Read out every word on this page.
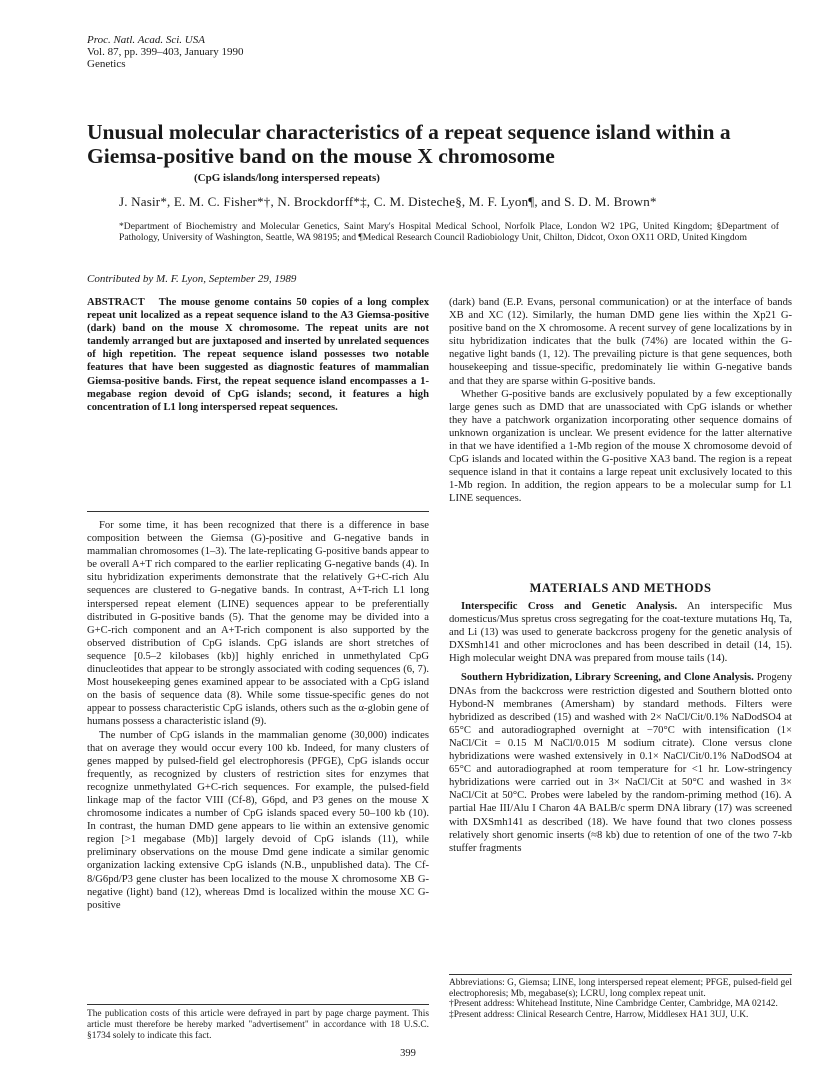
Proc. Natl. Acad. Sci. USA
Vol. 87, pp. 399–403, January 1990
Genetics
Unusual molecular characteristics of a repeat sequence island within a Giemsa-positive band on the mouse X chromosome
(CpG islands/long interspersed repeats)
J. Nasir*, E. M. C. Fisher*†, N. Brockdorff*‡, C. M. Disteche§, M. F. Lyon¶, and S. D. M. Brown*
*Department of Biochemistry and Molecular Genetics, Saint Mary's Hospital Medical School, Norfolk Place, London W2 1PG, United Kingdom; §Department of Pathology, University of Washington, Seattle, WA 98195; and ¶Medical Research Council Radiobiology Unit, Chilton, Didcot, Oxon OX11 ORD, United Kingdom
Contributed by M. F. Lyon, September 29, 1989

ABSTRACT The mouse genome contains 50 copies of a long complex repeat unit localized as a repeat sequence island to the A3 Giemsa-positive (dark) band on the mouse X chromosome. The repeat units are not tandemly arranged but are juxtaposed and inserted by unrelated sequences of high repetition. The repeat sequence island possesses two notable features that have been suggested as diagnostic features of mammalian Giemsa-positive bands. First, the repeat sequence island encompasses a 1-megabase region devoid of CpG islands; second, it features a high concentration of L1 long interspersed repeat sequences.

For some time, it has been recognized that there is a difference in base composition between the Giemsa (G)-positive and G-negative bands in mammalian chromosomes (1–3). The late-replicating G-positive bands appear to be overall A+T rich compared to the earlier replicating G-negative bands (4). In situ hybridization experiments demonstrate that the relatively G+C-rich Alu sequences are clustered to G-negative bands. In contrast, A+T-rich L1 long interspersed repeat element (LINE) sequences appear to be preferentially distributed in G-positive bands (5). That the genome may be divided into a G+C-rich component and an A+T-rich component is also supported by the observed distribution of CpG islands. CpG islands are short stretches of sequence [0.5–2 kilobases (kb)] highly enriched in unmethylated CpG dinucleotides that appear to be strongly associated with coding sequences (6, 7). Most housekeeping genes examined appear to be associated with a CpG island on the basis of sequence data (8). While some tissue-specific genes do not appear to possess characteristic CpG islands, others such as the α-globin gene of humans possess a characteristic island (9).

The number of CpG islands in the mammalian genome (30,000) indicates that on average they would occur every 100 kb. Indeed, for many clusters of genes mapped by pulsed-field gel electrophoresis (PFGE), CpG islands occur frequently, as recognized by clusters of restriction sites for enzymes that recognize unmethylated G+C-rich sequences. For example, the pulsed-field linkage map of the factor VIII (Cf-8), G6pd, and P3 genes on the mouse X chromosome indicates a number of CpG islands spaced every 50–100 kb (10). In contrast, the human DMD gene appears to lie within an extensive genomic region [>1 megabase (Mb)] largely devoid of CpG islands (11), while preliminary observations on the mouse Dmd gene indicate a similar genomic organization lacking extensive CpG islands (N.B., unpublished data). The Cf-8/G6pd/P3 gene cluster has been localized to the mouse X chromosome XB G-negative (light) band (12), whereas Dmd is localized within the mouse XC G-positive

(dark) band (E.P. Evans, personal communication) or at the interface of bands XB and XC (12). Similarly, the human DMD gene lies within the Xp21 G-positive band on the X chromosome. A recent survey of gene localizations by in situ hybridization indicates that the bulk (74%) are located within the G-negative light bands (1, 12). The prevailing picture is that gene sequences, both housekeeping and tissue-specific, predominately lie within G-negative bands and that they are sparse within G-positive bands.

Whether G-positive bands are exclusively populated by a few exceptionally large genes such as DMD that are unassociated with CpG islands or whether they have a patchwork organization incorporating other sequence domains of unknown organization is unclear. We present evidence for the latter alternative in that we have identified a 1-Mb region of the mouse X chromosome devoid of CpG islands and located within the G-positive XA3 band. The region is a repeat sequence island in that it contains a large repeat unit exclusively located to this 1-Mb region. In addition, the region appears to be a molecular sump for L1 LINE sequences.

MATERIALS AND METHODS

Interspecific Cross and Genetic Analysis. An interspecific Mus domesticus/Mus spretus cross segregating for the coat-texture mutations Hq, Ta, and Li (13) was used to generate backcross progeny for the genetic analysis of DXSmh141 and other microclones and has been described in detail (14, 15). High molecular weight DNA was prepared from mouse tails (14).

Southern Hybridization, Library Screening, and Clone Analysis. Progeny DNAs from the backcross were restriction digested and Southern blotted onto Hybond-N membranes (Amersham) by standard methods. Filters were hybridized as described (15) and washed with 2× NaCl/Cit/0.1% NaDodSO4 at 65°C and autoradiographed overnight at −70°C with intensification (1× NaCl/Cit = 0.15 M NaCl/0.015 M sodium citrate). Clone versus clone hybridizations were washed extensively in 0.1× NaCl/Cit/0.1% NaDodSO4 at 65°C and autoradiographed at room temperature for <1 hr. Low-stringency hybridizations were carried out in 3× NaCl/Cit at 50°C and washed in 3× NaCl/Cit at 50°C. Probes were labeled by the random-priming method (16). A partial Hae III/Alu I Charon 4A BALB/c sperm DNA library (17) was screened with DXSmh141 as described (18). We have found that two clones possess relatively short genomic inserts (≈8 kb) due to retention of one of the two 7-kb stuffer fragments

The publication costs of this article were defrayed in part by page charge payment. This article must therefore be hereby marked "advertisement" in accordance with 18 U.S.C. §1734 solely to indicate this fact.
Abbreviations: G, Giemsa; LINE, long interspersed repeat element; PFGE, pulsed-field gel electrophoresis; Mb, megabase(s); LCRU, long complex repeat unit.
†Present address: Whitehead Institute, Nine Cambridge Center, Cambridge, MA 02142.
‡Present address: Clinical Research Centre, Harrow, Middlesex HA1 3UJ, U.K.
399
